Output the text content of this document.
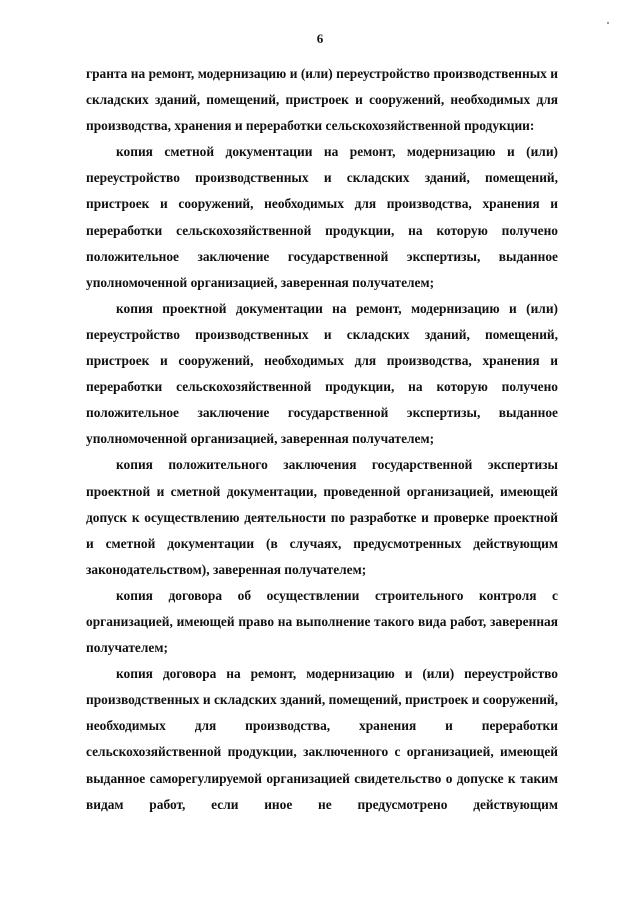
6

гранта на ремонт, модернизацию и (или) переустройство производственных и складских зданий, помещений, пристроек и сооружений, необходимых для производства, хранения и переработки сельскохозяйственной продукции:

копия сметной документации на ремонт, модернизацию и (или) переустройство производственных и складских зданий, помещений, пристроек и сооружений, необходимых для производства, хранения и переработки сельскохозяйственной продукции, на которую получено положительное заключение государственной экспертизы, выданное уполномоченной организацией, заверенная получателем;

копия проектной документации на ремонт, модернизацию и (или) переустройство производственных и складских зданий, помещений, пристроек и сооружений, необходимых для производства, хранения и переработки сельскохозяйственной продукции, на которую получено положительное заключение государственной экспертизы, выданное уполномоченной организацией, заверенная получателем;

копия положительного заключения государственной экспертизы проектной и сметной документации, проведенной организацией, имеющей допуск к осуществлению деятельности по разработке и проверке проектной и сметной документации (в случаях, предусмотренных действующим законодательством), заверенная получателем;

копия договора об осуществлении строительного контроля с организацией, имеющей право на выполнение такого вида работ, заверенная получателем;

копия договора на ремонт, модернизацию и (или) переустройство производственных и складских зданий, помещений, пристроек и сооружений, необходимых для производства, хранения и переработки сельскохозяйственной продукции, заключенного с организацией, имеющей выданное саморегулируемой организацией свидетельство о допуске к таким видам работ, если иное не предусмотрено действующим
